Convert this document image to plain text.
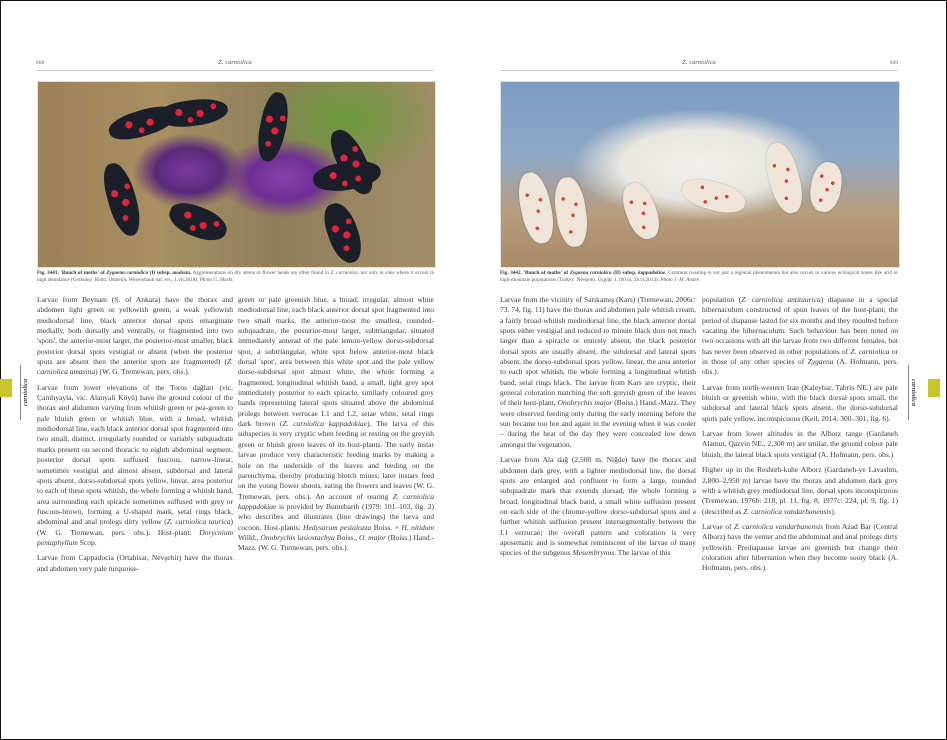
668	Z. carniolica
Fig. 3441. 'Bunch of moths' of Zygaena carniolica (I) subsp. modesta. Agglomerations on dry stems or flower heads are often found in Z. carniolica, not only in sites where it occurs in high abundance (Germany: Rhön, Ostheim, Weyershauk nat. res., 1.vii.2018). Photo G. Markl.
carniolica

Larvae from Beynam (S. of Ankara) have the thorax and abdomen light green or yellowish green, a weak yellowish mediodorsal line, black anterior dorsal spots emarginate medially, both dorsally and ventrally, or fragmented into two 'spots', the anterior-most larger, the posterior-most smaller, black posterior dorsal spots vestigial or absent (when the posterior spots are absent then the anterior spots are fragmented) (Z. carniolica amasina) (W. G. Tremewan, pers. obs.).

Larvae from lower elevations of the Toros dağları (vic. Çamlıyayla, vic. Alanyali Köyü) have the ground colour of the thorax and abdomen varying from whitish green or pea-green to pale bluish green or whitish blue, with a broad, whitish mediodorsal line, each black anterior dorsal spot fragmented into two small, distinct, irregularly rounded or variably subquadrate marks present on second thoracic to eighth abdominal segment, posterior dorsal spots suffused fuscous, narrow-linear, sometimes vestigial and almost absent, subdorsal and lateral spots absent, dorso-subdorsal spots yellow, linear, area posterior to each of these spots whitish, the whole forming a whitish band, area surrounding each spiracle sometimes suffused with grey or fuscous-brown, forming a U-shaped mark, setal rings black, abdominal and anal prolegs dirty yellow (Z. carniolica taurica) (W. G. Tremewan, pers. obs.). Host-plant: Dorycnium pentaphyllum Scop.

Larvae from Cappadocia (Ortahisar, Nevşehir) have the thorax and abdomen very pale turquoise-

green or pale greenish blue, a broad, irregular, almost white mediodorsal line, each black anterior dorsal spot fragmented into two small marks, the anterior-most the smallest, rounded-subquadrate, the posterior-most larger, subtriangular, situated immediately anterad of the pale lemon-yellow dorso-subdorsal spot, a subtriangular, white spot below anterior-most black dorsal 'spot', area between this white spot and the pale yellow dorso-subdorsal spot almost white, the whole forming a fragmented, longitudinal whitish band, a small, light grey spot immediately posterior to each spiracle, similarly coloured grey bands representing lateral spots situated above the abdominal prolegs between verrucae L1 and L2, setae white, setal rings dark brown (Z. carniolica kappadokiae). The larva of this subspecies is very cryptic when feeding or resting on the greyish green or bluish green leaves of its host-plants. The early instar larvae produce very characteristic feeding marks by making a hole on the underside of the leaves and feeding on the parenchyma, thereby producing blotch mines; later instars feed on the young flower shoots, eating the flowers and leaves (W. G. Tremewan, pers. obs.). An account of rearing Z. carniolica kappadokiae is provided by Buntebarth (1979: 101–103, fig. 2) who describes and illustrates (line drawings) the larva and cocoon. Host-plants: Hedysarum pestalozza Boiss. × H. nitidum Willd., Onobrychis lasiostachya Boiss., O. major (Boiss.) Hand.-Mazz. (W. G. Tremewan, pers. obs.).

Z. carniolica	669
Fig. 3442. 'Bunch of moths' of Zygaena carniolica (II) subsp. kappadokiae. Common roosting is not just a regional phenomenon but also occurs in various ecological zones like arid or high-mountain populations (Turkey: Nevşehir, Üçgüp, 1,100 m, 28.vi.2014). Photo J.-M. André.
carniolica

Larvae from the vicinity of Sarıkamış (Kars) (Tremewan, 2006c: 73, 74, fig. 11) have the thorax and abdomen pale whitish cream, a fairly broad whitish mediodorsal line, the black anterior dorsal spots either vestigial and reduced to minute black dots not much larger than a spiracle or entirely absent, the black posterior dorsal spots are usually absent, the subdorsal and lateral spots absent, the dorso-subdorsal spots yellow, linear, the area anterior to each spot whitish, the whole forming a longitudinal whitish band, setal rings black. The larvae from Kars are cryptic, their general coloration matching the soft greyish green of the leaves of their host-plant, Onobrychis major (Boiss.) Hand.-Mazz. They were observed feeding only during the early morning before the sun became too hot and again in the evening when it was cooler – during the heat of the day they were concealed low down amongst the vegetation.

Larvae from Ala dağ (2,500 m, Niğde) have the thorax and abdomen dark grey, with a lighter mediodorsal line, the dorsal spots are enlarged and confluent to form a large, rounded subquadrate mark that extends dorsad, the whole forming a broad, longitudinal black band, a small white suffusion present on each side of the chrome-yellow dorso-subdorsal spots and a further whitish suffusion present intersegmentally between the L1 verrucae; the overall pattern and coloration is very aposematic and is somewhat reminiscent of the larvae of many species of the subgenus Mesembrynus. The larvae of this

population (Z. carniolica antitaurica) diapause in a special hibernaculum constructed of spun leaves of the host-plant; the period of diapause lasted for six months and they moulted before vacating the hibernaculum. Such behaviour has been noted on two occasions with all the larvae from two different females, but has never been observed in other populations of Z. carniolica or in those of any other species of Zygaena (A. Hofmann, pers. obs.).

Larvae from north-western Iran (Kaleybar, Tabris NE.) are pale bluish or greenish white, with the black dorsal spots small, the subdorsal and lateral black spots absent, the dorso-subdorsal spots pale yellow, inconspicuous (Keil, 2014: 300–301, fig. 6).

Larvae from lower altitudes in the Alborz range (Gardaneh Alamut, Qazvin NE., 2,300 m) are smilar, the ground colour pale bluish, the lateral black spots vestigial (A. Hofmann, pers. obs.)

Higher up in the Reshteh-kuhe Alborz (Gardaneh-ye Lavashm, 2,800–2,950 m) larvae have the thorax and abdomen dark grey with a whitish grey mediodorsal line, dorsal spots inconspicuous (Tremewan, 1976b: 218, pl. 11, fig. 8; 1977c: 224, pl. 9, fig. 1) (described as Z. carniolica vandarbanensis).

Larvae of Z. carniolica vandarbanensis from Azad Bar (Central Alborz) have the venter and the abdominal and anal prolegs dirty yellowish. Prediapause larvae are greenish but change their coloration after hibernation when they become sooty black (A. Hofmann, pers. obs.).
